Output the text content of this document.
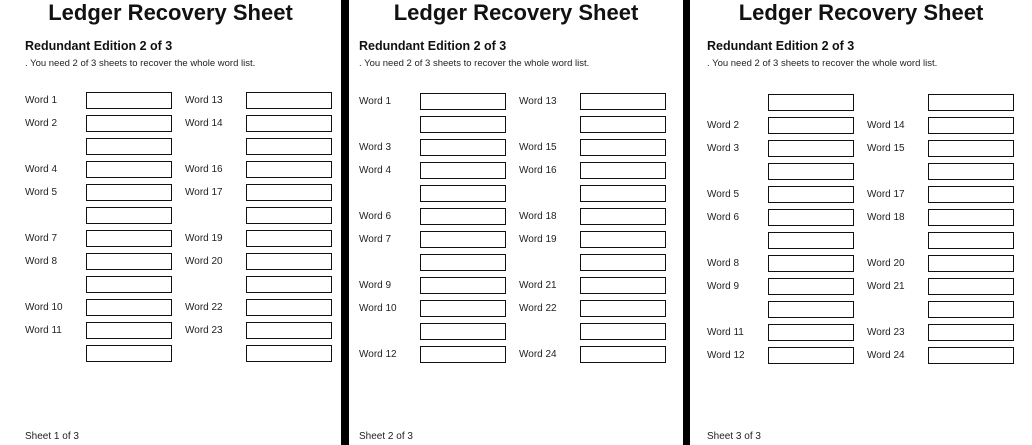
Ledger Recovery Sheet
Redundant Edition 2 of 3
. You need 2 of 3 sheets to recover the whole word list.
Word 1
Word 2
Word 4
Word 5
Word 7
Word 8
Word 10
Word 11
Word 13
Word 14
Word 16
Word 17
Word 19
Word 20
Word 22
Word 23
Sheet 1 of 3
Ledger Recovery Sheet
Redundant Edition 2 of 3
. You need 2 of 3 sheets to recover the whole word list.
Word 1
Word 3
Word 4
Word 6
Word 7
Word 9
Word 10
Word 12
Word 13
Word 15
Word 16
Word 18
Word 19
Word 21
Word 22
Word 24
Sheet 2 of 3
Ledger Recovery Sheet
Redundant Edition 2 of 3
. You need 2 of 3 sheets to recover the whole word list.
Word 2
Word 3
Word 5
Word 6
Word 8
Word 9
Word 11
Word 12
Word 14
Word 15
Word 17
Word 18
Word 20
Word 21
Word 23
Word 24
Sheet 3 of 3
